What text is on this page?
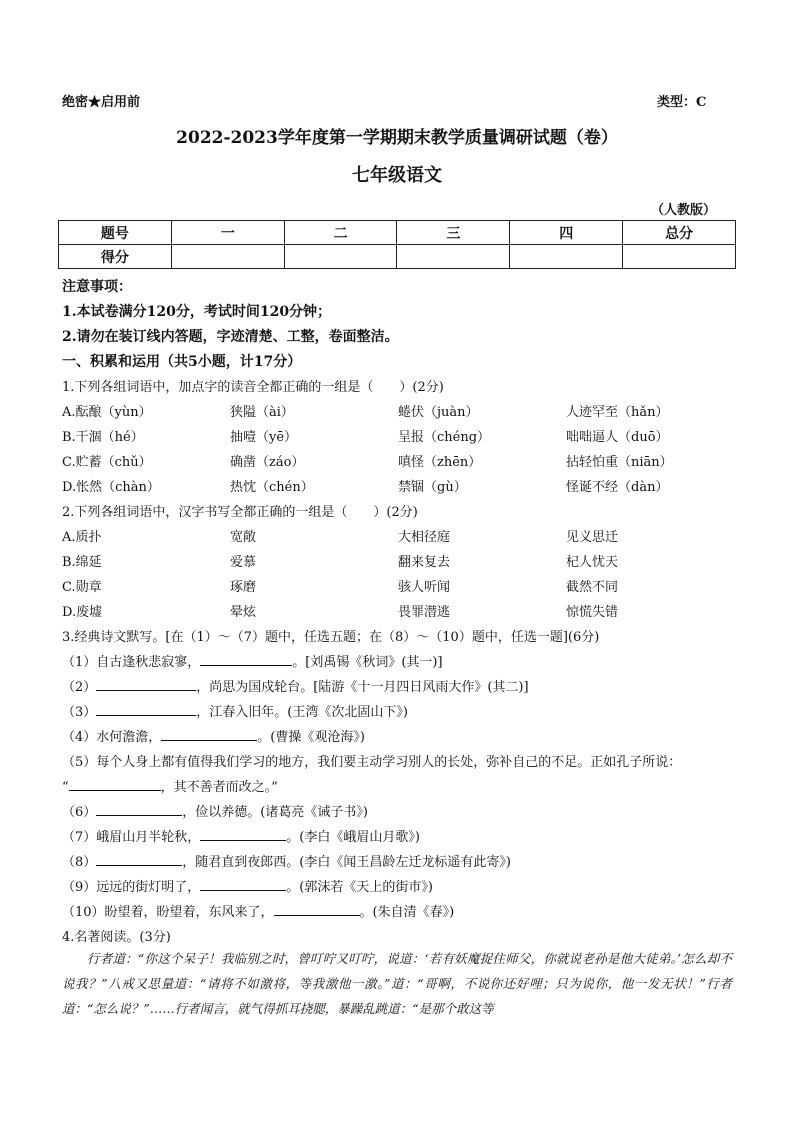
绝密★启用前	类型：C
2022-2023学年度第一学期期末教学质量调研试题（卷）
七年级语文
（人教版）
题号	一	二	三	四	总分
得分					
注意事项：
1.本试卷满分120分，考试时间120分钟；
2.请勿在装订线内答题，字迹清楚、工整，卷面整洁。
一、积累和运用（共5小题，计17分）
1.下列各组词语中，加点字的读音全都正确的一组是（　　）(2分)
A.酝酿（yùn）	狭隘（ài）	蜷伏（juàn）	人迹罕至（hǎn）
B.干涸（hé）	抽噎（yē）	呈报（chéng）	咄咄逼人（duō）
C.贮蓄（chǔ）	确凿（záo）	嗔怪（zhēn）	拈轻怕重（niān）
D.怅然（chàn）	热忱（chén）	禁锢（gù）	怪诞不经（dàn）
2.下列各组词语中，汉字书写全都正确的一组是（　　）(2分)
A.质扑	宽敞	大相径庭	见义思迁
B.绵延	爱慕	翻来复去	杞人忧天
C.勋章	琢磨	骇人听闻	截然不同
D.废墟	晕炫	畏罪潜逃	惊慌失错
3.经典诗文默写。[在（1）～（7）题中，任选五题；在（8）～（10）题中，任选一题](6分)
（1）自古逢秋悲寂寥，	。[刘禹锡《秋词》(其一)]
（2）	，尚思为国戍轮台。[陆游《十一月四日风雨大作》(其二)]
（3）	，江春入旧年。(王湾《次北固山下》)
（4）水何澹澹，	。(曹操《观沧海》)
（5）每个人身上都有值得我们学习的地方，我们要主动学习别人的长处，弥补自己的不足。正如孔子所说：
“	，其不善者而改之。”
（6）	，俭以养德。(诸葛亮《诫子书》)
（7）峨眉山月半轮秋，	。(李白《峨眉山月歌》)
（8）	，随君直到夜郎西。(李白《闻王昌龄左迁龙标遥有此寄》)
（9）远远的街灯明了，	。(郭沫若《天上的街市》)
（10）盼望着，盼望着，东风来了，	。(朱自清《春》)
4.名著阅读。(3分)
行者道：“你这个呆子！我临别之时，曾叮咛又叮咛，说道：‘若有妖魔捉住师父，你就说老孙是他大徒弟。’怎么却不说我？”八戒又思量道：“请将不如激将，等我激他一激。”道：“哥啊，不说你还好哩；只为说你，他一发无状！”行者道：“怎么说？”……行者闻言，就气得抓耳挠腮，暴躁乱跳道：“是那个敢这等
